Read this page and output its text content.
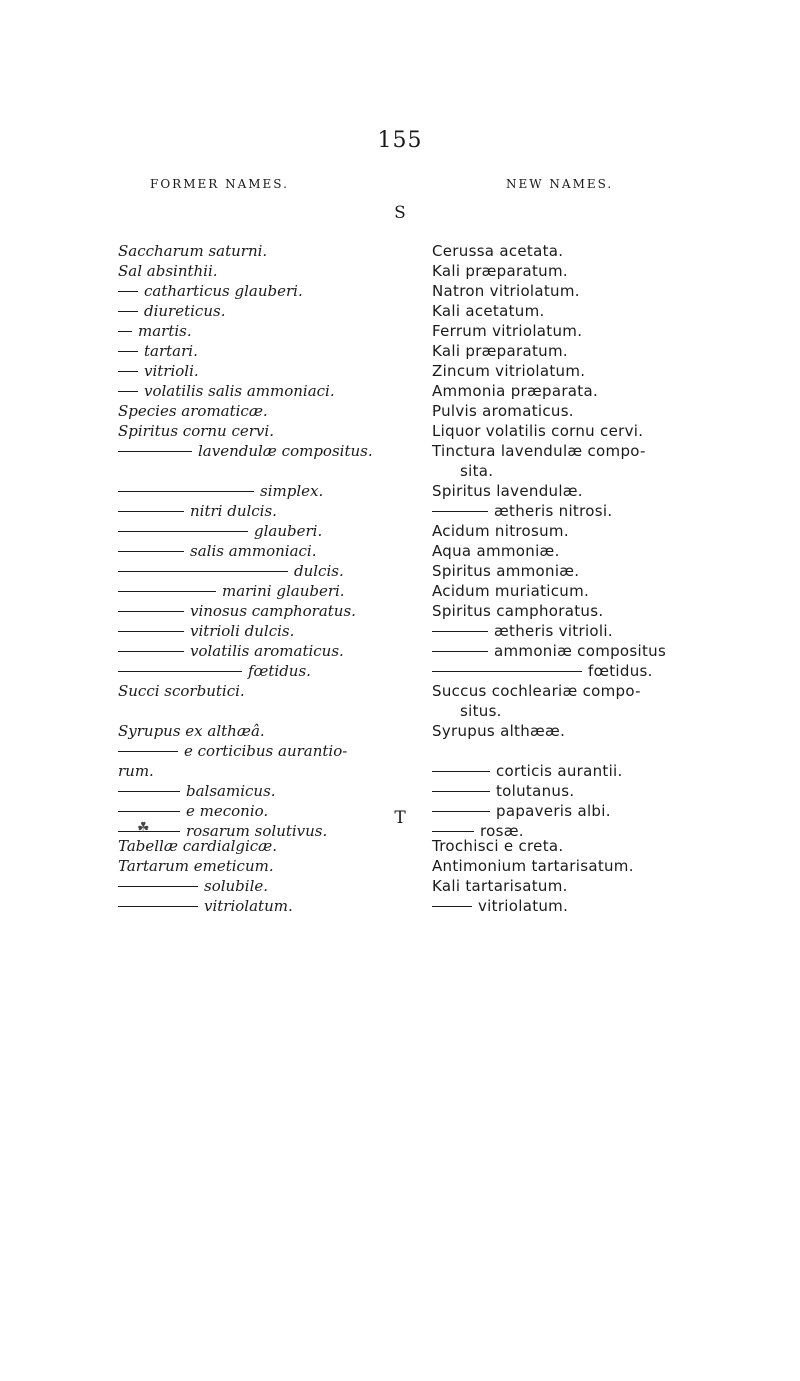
155
FORMER NAMES.	NEW NAMES.
S
Saccharum saturni.
Sal absinthii.
catharticus glauberi.
diureticus.
martis.
tartari.
vitrioli.
volatilis salis ammoniaci.
Species aromaticæ.
Spiritus cornu cervi.
lavendulæ compositus.
simplex.
nitri dulcis.
glauberi.
salis ammoniaci.
dulcis.
marini glauberi.
vinosus camphoratus.
vitrioli dulcis.
volatilis aromaticus.
fœtidus.
Succi scorbutici.
Syrupus ex althæâ.
e corticibus aurantio-
rum.
balsamicus.
e meconio.
rosarum solutivus.
Cerussa acetata.
Kali præparatum.
Natron vitriolatum.
Kali acetatum.
Ferrum vitriolatum.
Kali præparatum.
Zincum vitriolatum.
Ammonia præparata.
Pulvis aromaticus.
Liquor volatilis cornu cervi.
Tinctura lavendulæ compo-
sita.
Spiritus lavendulæ.
ætheris nitrosi.
Acidum nitrosum.
Aqua ammoniæ.
Spiritus ammoniæ.
Acidum muriaticum.
Spiritus camphoratus.
ætheris vitrioli.
ammoniæ compositus
fœtidus.
Succus cochleariæ compo-
situs.
Syrupus althææ.
corticis aurantii.
tolutanus.
papaveris albi.
rosæ.
T
☘
Tabellæ cardialgicæ.
Tartarum emeticum.
solubile.
vitriolatum.
Trochisci e creta.
Antimonium tartarisatum.
Kali tartarisatum.
vitriolatum.
